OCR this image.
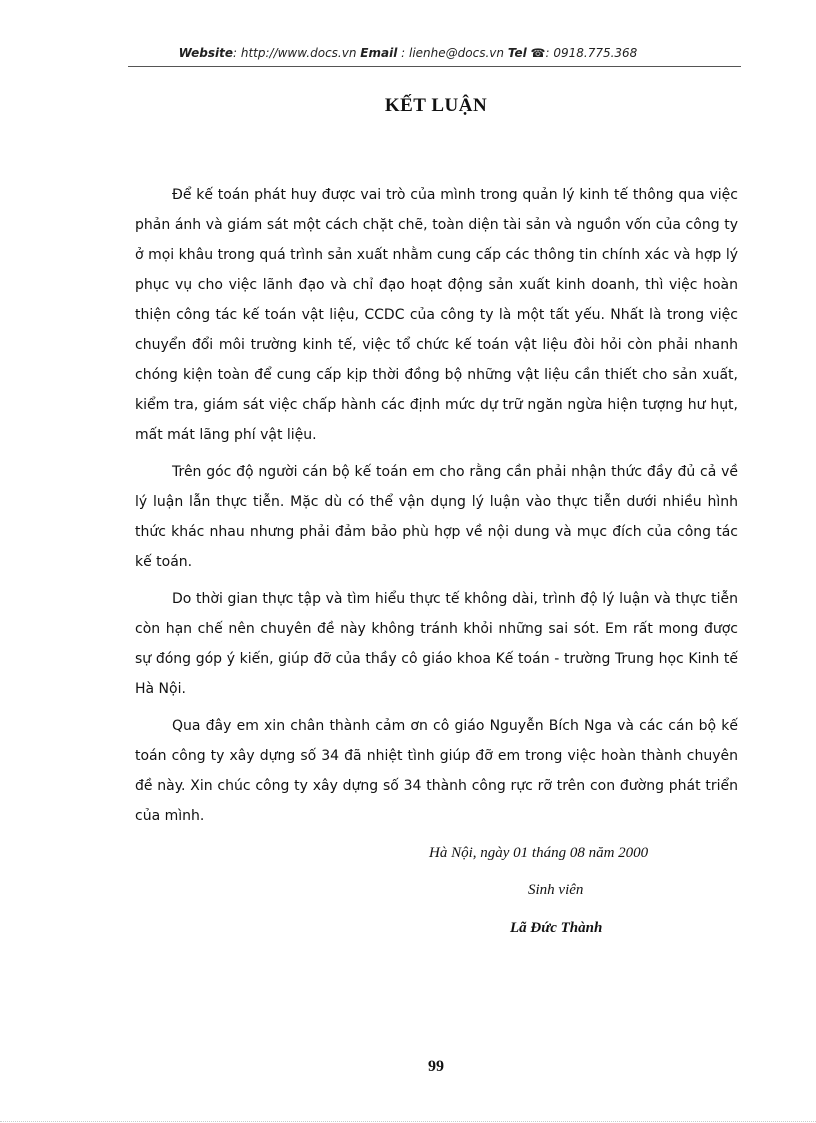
Website: http://www.docs.vn Email : lienhe@docs.vn Tel ☎: 0918.775.368
KẾT LUẬN

Để kế toán phát huy được vai trò của mình trong quản lý kinh tế thông qua việc phản ánh và giám sát một cách chặt chẽ, toàn diện tài sản và nguồn vốn của công ty ở mọi khâu trong quá trình sản xuất nhằm cung cấp các thông tin chính xác và hợp lý phục vụ cho việc lãnh đạo và chỉ đạo hoạt động sản xuất kinh doanh, thì việc hoàn thiện công tác kế toán vật liệu, CCDC của công ty là một tất yếu. Nhất là trong việc chuyển đổi môi trường kinh tế, việc tổ chức kế toán vật liệu đòi hỏi còn phải nhanh chóng kiện toàn để cung cấp kịp thời đồng bộ những vật liệu cần thiết cho sản xuất, kiểm tra, giám sát việc chấp hành các định mức dự trữ ngăn ngừa hiện tượng hư hụt, mất mát lãng phí vật liệu.

Trên góc độ người cán bộ kế toán em cho rằng cần phải nhận thức đầy đủ cả về lý luận lẫn thực tiễn. Mặc dù có thể vận dụng lý luận vào thực tiễn dưới nhiều hình thức khác nhau nhưng phải đảm bảo phù hợp về nội dung và mục đích của công tác kế toán.

Do thời gian thực tập và tìm hiểu thực tế không dài, trình độ lý luận và thực tiễn còn hạn chế nên chuyên đề này không tránh khỏi những sai sót. Em rất mong được sự đóng góp ý kiến, giúp đỡ của thầy cô giáo khoa Kế toán - trường Trung học Kinh tế Hà Nội.

Qua đây em xin chân thành cảm ơn cô giáo Nguyễn Bích Nga và các cán bộ kế toán công ty xây dựng số 34 đã nhiệt tình giúp đỡ em trong việc hoàn thành chuyên đề này. Xin chúc công ty xây dựng số 34 thành công rực rỡ trên con đường phát triển của mình.

Hà Nội, ngày 01 tháng 08 năm 2000
Sinh viên
Lã Đức Thành
99
